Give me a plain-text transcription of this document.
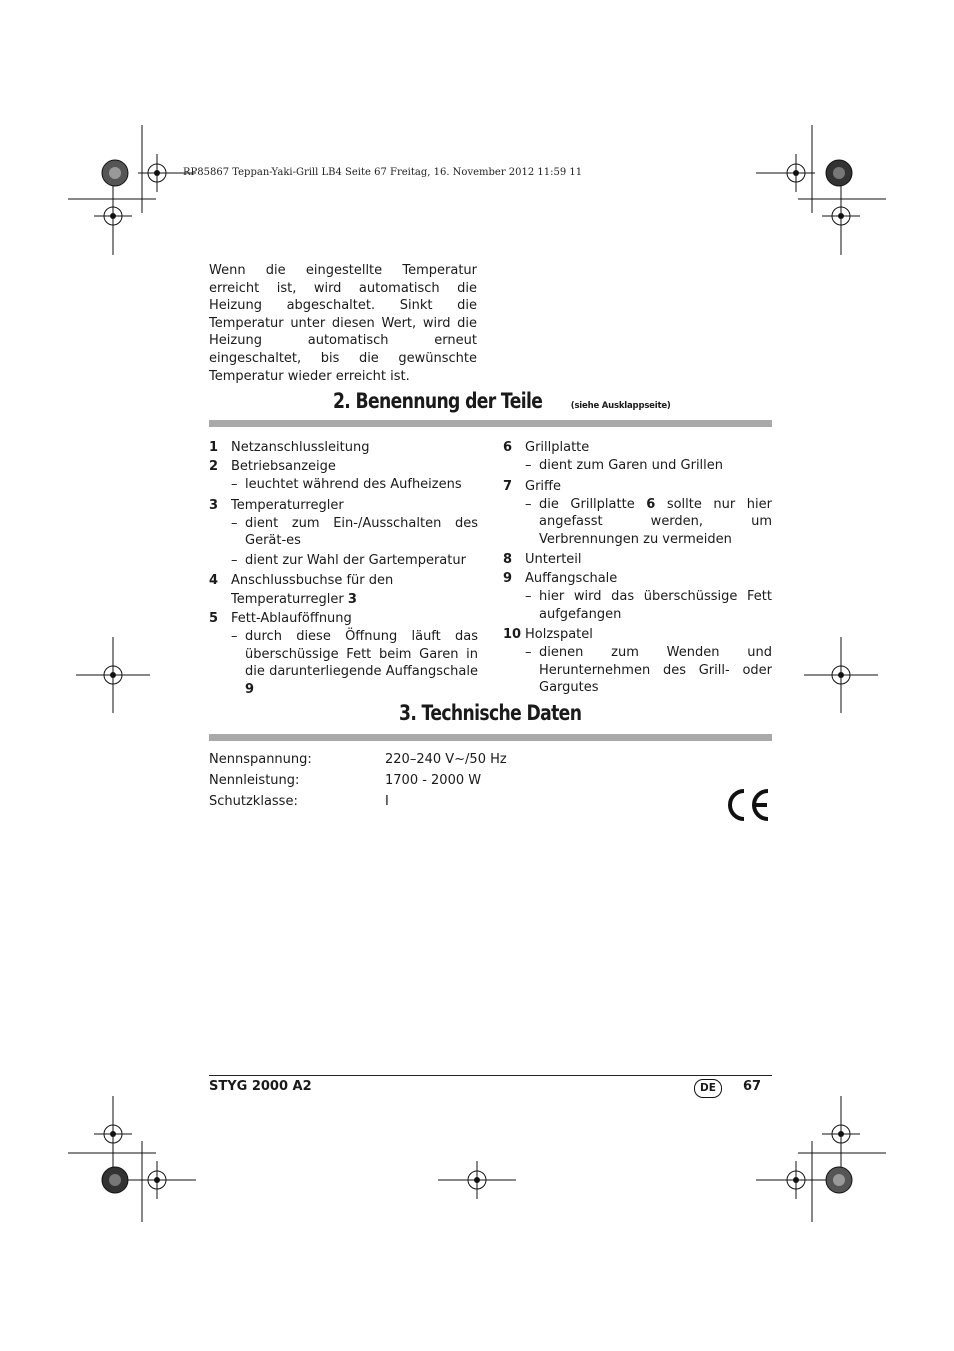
RP85867 Teppan-Yaki-Grill LB4 Seite 67 Freitag, 16. November 2012 11:59 11

Wenn die eingestellte Temperatur erreicht ist, wird automatisch die Heizung abgeschaltet. Sinkt die Temperatur unter diesen Wert, wird die Heizung automatisch erneut eingeschaltet, bis die gewünschte Temperatur wieder erreicht ist.

2. Benennung der Teile	(siehe Ausklappseite)
1 Netzanschlussleitung
2 Betriebsanzeige
– leuchtet während des Aufheizens
3 Temperaturregler
– dient zum Ein-/Ausschalten des Gerät-es
– dient zur Wahl der Gartemperatur
4 Anschlussbuchse für den Temperaturregler 3
5 Fett-Ablauföffnung
– durch diese Öffnung läuft das überschüssige Fett beim Garen in die darunterliegende Auffangschale 9
6 Grillplatte
– dient zum Garen und Grillen
7 Griffe
– die Grillplatte 6 sollte nur hier angefasst werden, um Verbrennungen zu vermeiden
8 Unterteil
9 Auffangschale
– hier wird das überschüssige Fett aufgefangen
10 Holzspatel
– dienen zum Wenden und Herunternehmen des Grill- oder Gargutes
3. Technische Daten
Nennspannung:	220–240 V~/50 Hz
Nennleistung:	1700 - 2000 W
Schutzklasse:	I
STYG 2000 A2	DE	67
